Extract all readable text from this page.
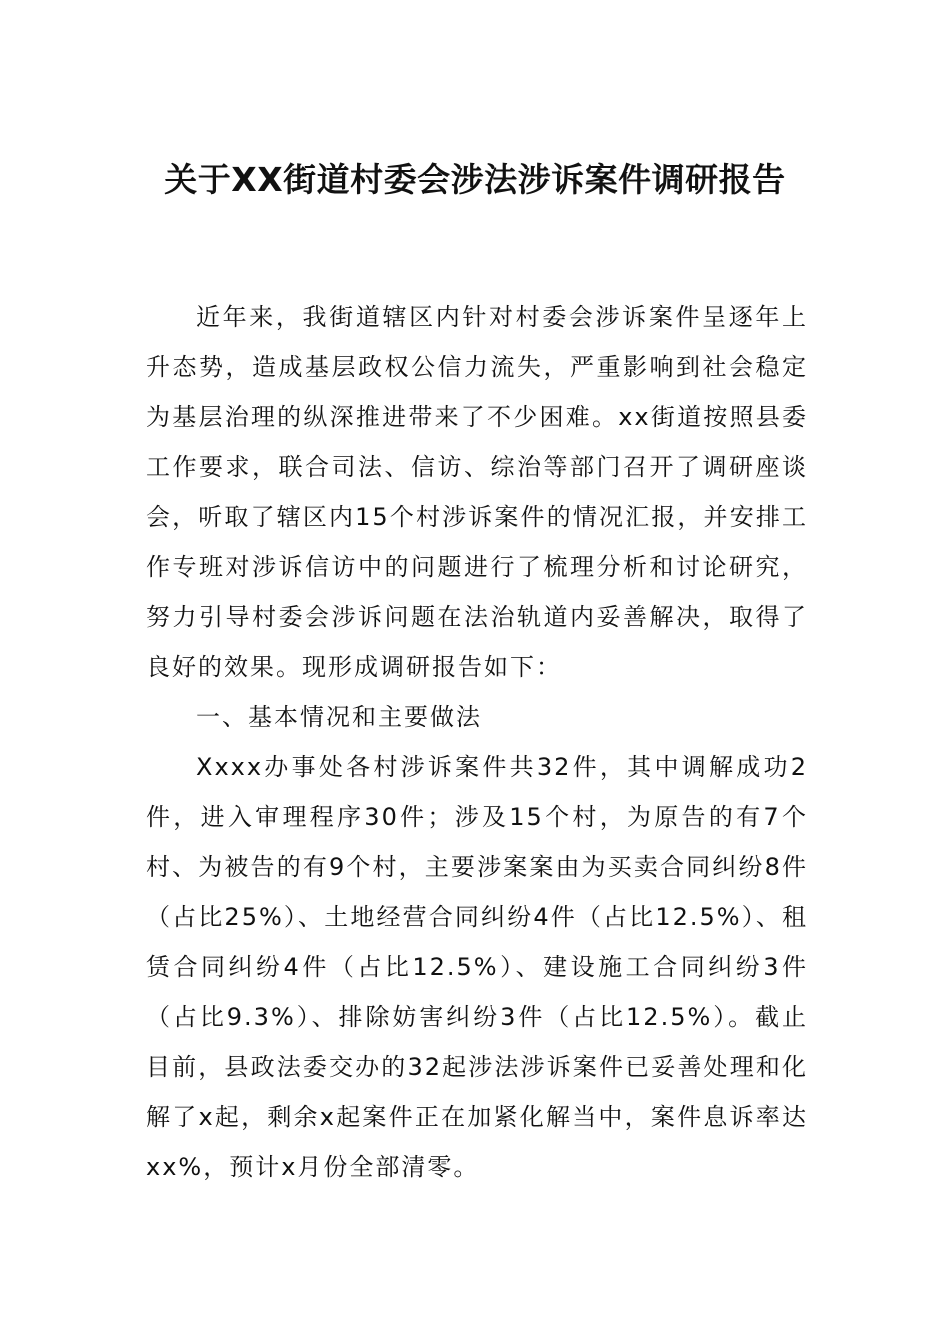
关于XX街道村委会涉法涉诉案件调研报告

近年来，我街道辖区内针对村委会涉诉案件呈逐年上升态势，造成基层政权公信力流失，严重影响到社会稳定为基层治理的纵深推进带来了不少困难。xx街道按照县委工作要求，联合司法、信访、综治等部门召开了调研座谈会，听取了辖区内15个村涉诉案件的情况汇报，并安排工作专班对涉诉信访中的问题进行了梳理分析和讨论研究，努力引导村委会涉诉问题在法治轨道内妥善解决，取得了良好的效果。现形成调研报告如下：

一、基本情况和主要做法

Xxxx办事处各村涉诉案件共32件，其中调解成功2件，进入审理程序30件；涉及15个村，为原告的有7个村、为被告的有9个村，主要涉案案由为买卖合同纠纷8件（占比25%）、土地经营合同纠纷4件（占比12.5%）、租赁合同纠纷4件（占比12.5%）、建设施工合同纠纷3件（占比9.3%）、排除妨害纠纷3件（占比12.5%）。截止目前，县政法委交办的32起涉法涉诉案件已妥善处理和化解了x起，剩余x起案件正在加紧化解当中，案件息诉率达xx%，预计x月份全部清零。
